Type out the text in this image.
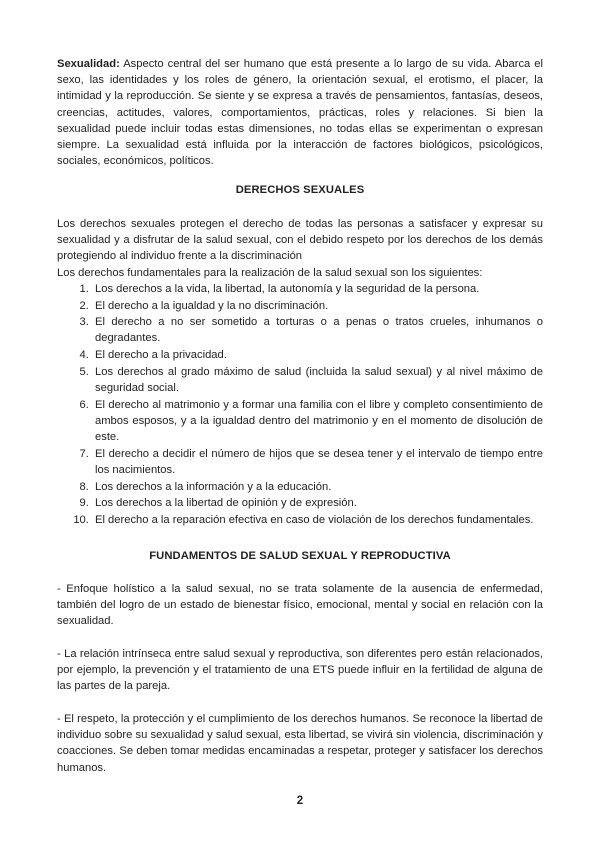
Sexualidad: Aspecto central del ser humano que está presente a lo largo de su vida. Abarca el sexo, las identidades y los roles de género, la orientación sexual, el erotismo, el placer, la intimidad y la reproducción. Se siente y se expresa a través de pensamientos, fantasías, deseos, creencias, actitudes, valores, comportamientos, prácticas, roles y relaciones. Si bien la sexualidad puede incluir todas estas dimensiones, no todas ellas se experimentan o expresan siempre. La sexualidad está influida por la interacción de factores biológicos, psicológicos, sociales, económicos, políticos.

DERECHOS SEXUALES

Los derechos sexuales protegen el derecho de todas las personas a satisfacer y expresar su sexualidad y a disfrutar de la salud sexual, con el debido respeto por los derechos de los demás protegiendo al individuo frente a la discriminación

Los derechos fundamentales para la realización de la salud sexual son los siguientes:

1. Los derechos a la vida, la libertad, la autonomía y la seguridad de la persona.
2. El derecho a la igualdad y la no discriminación.
3. El derecho a no ser sometido a torturas o a penas o tratos crueles, inhumanos o degradantes.
4. El derecho a la privacidad.
5. Los derechos al grado máximo de salud (incluida la salud sexual) y al nivel máximo de seguridad social.
6. El derecho al matrimonio y a formar una familia con el libre y completo consentimiento de ambos esposos, y a la igualdad dentro del matrimonio y en el momento de disolución de este.
7. El derecho a decidir el número de hijos que se desea tener y el intervalo de tiempo entre los nacimientos.
8. Los derechos a la información y a la educación.
9. Los derechos a la libertad de opinión y de expresión.
10. El derecho a la reparación efectiva en caso de violación de los derechos fundamentales.
FUNDAMENTOS DE SALUD SEXUAL Y REPRODUCTIVA

- Enfoque holístico a la salud sexual, no se trata solamente de la ausencia de enfermedad, también del logro de un estado de bienestar físico, emocional, mental y social en relación con la sexualidad.

- La relación intrínseca entre salud sexual y reproductiva, son diferentes pero están relacionados, por ejemplo, la prevención y el tratamiento de una ETS puede influir en la fertilidad de alguna de las partes de la pareja.

- El respeto, la protección y el cumplimiento de los derechos humanos. Se reconoce la libertad de individuo sobre su sexualidad y salud sexual, esta libertad, se vivirá sin violencia, discriminación y coacciones. Se deben tomar medidas encaminadas a respetar, proteger y satisfacer los derechos humanos.

2
